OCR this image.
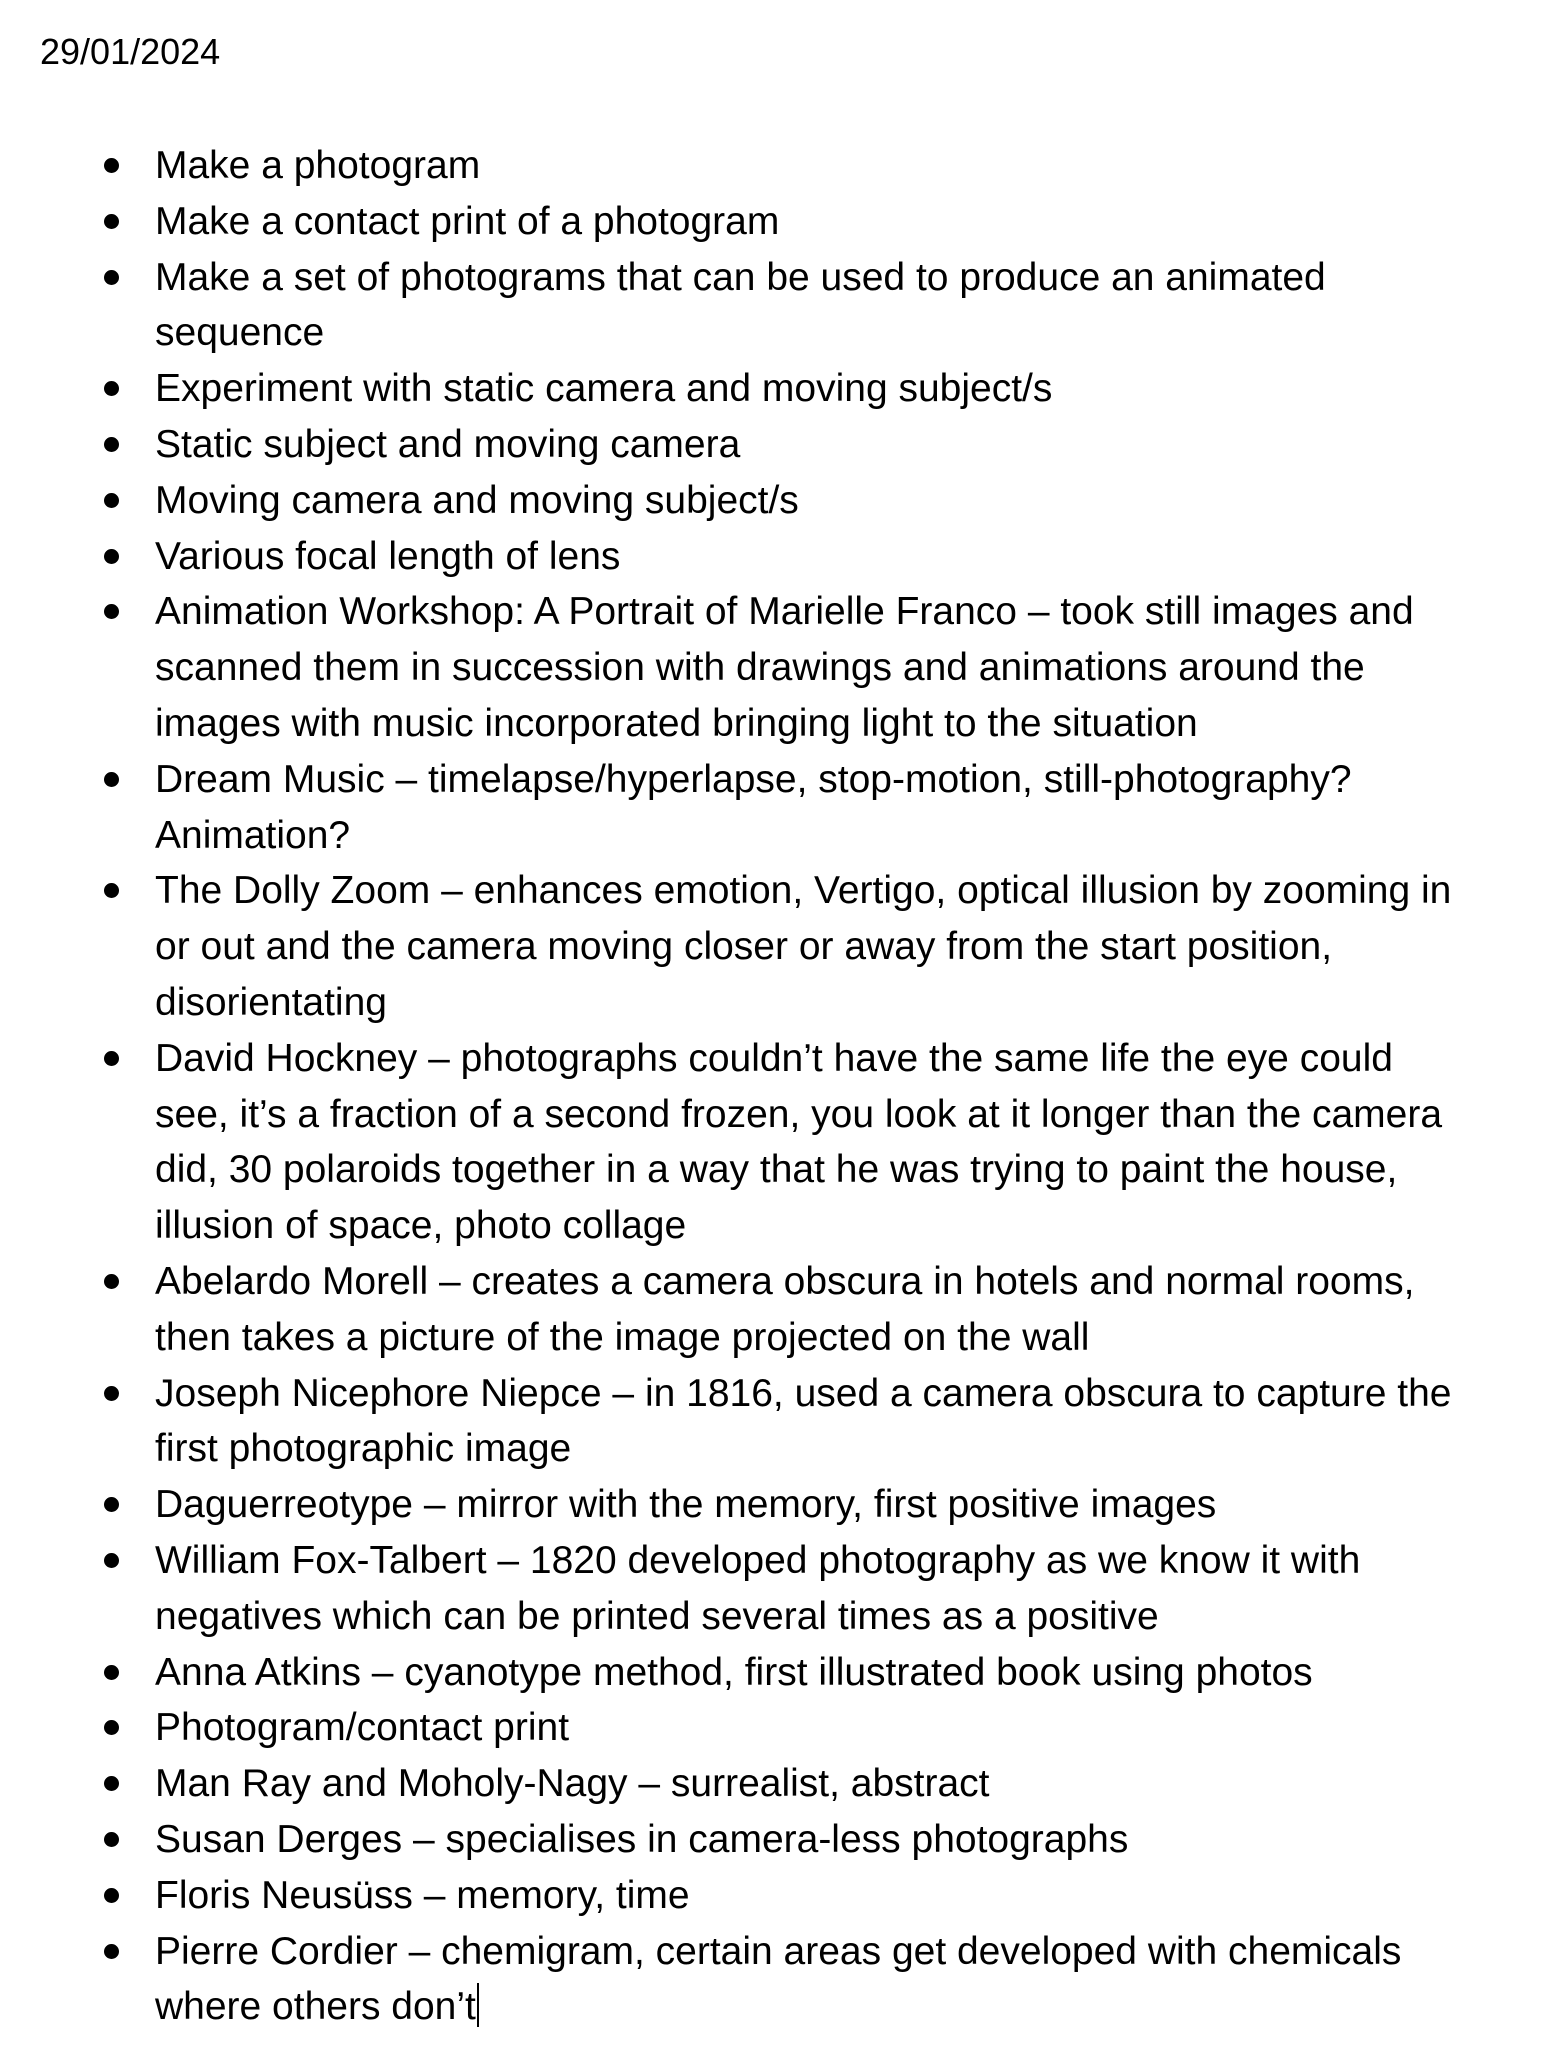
29/01/2024
Make a photogram
Make a contact print of a photogram
Make a set of photograms that can be used to produce an animated sequence
Experiment with static camera and moving subject/s
Static subject and moving camera
Moving camera and moving subject/s
Various focal length of lens
Animation Workshop: A Portrait of Marielle Franco – took still images and scanned them in succession with drawings and animations around the images with music incorporated bringing light to the situation
Dream Music – timelapse/hyperlapse, stop-motion, still-photography? Animation?
The Dolly Zoom – enhances emotion, Vertigo, optical illusion by zooming in or out and the camera moving closer or away from the start position, disorientating
David Hockney – photographs couldn’t have the same life the eye could see, it’s a fraction of a second frozen, you look at it longer than the camera did, 30 polaroids together in a way that he was trying to paint the house, illusion of space, photo collage
Abelardo Morell – creates a camera obscura in hotels and normal rooms, then takes a picture of the image projected on the wall
Joseph Nicephore Niepce – in 1816, used a camera obscura to capture the first photographic image
Daguerreotype – mirror with the memory, first positive images
William Fox-Talbert – 1820 developed photography as we know it with negatives which can be printed several times as a positive
Anna Atkins – cyanotype method, first illustrated book using photos
Photogram/contact print
Man Ray and Moholy-Nagy – surrealist, abstract
Susan Derges – specialises in camera-less photographs
Floris Neusüss – memory, time
Pierre Cordier – chemigram, certain areas get developed with chemicals where others don’t
